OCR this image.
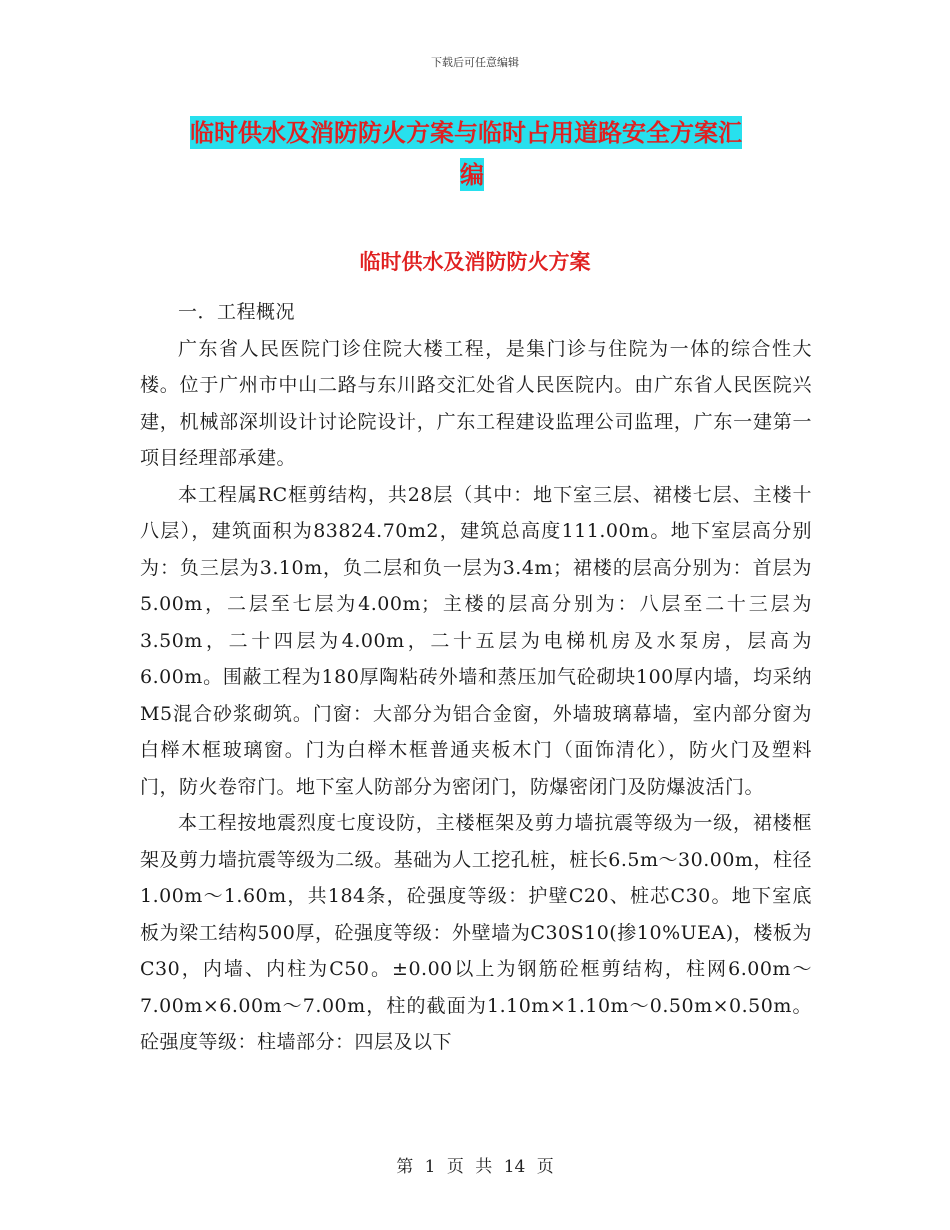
下载后可任意编辑
临时供水及消防防火方案与临时占用道路安全方案汇
编
临时供水及消防防火方案

一．工程概况

广东省人民医院门诊住院大楼工程，是集门诊与住院为一体的综合性大楼。位于广州市中山二路与东川路交汇处省人民医院内。由广东省人民医院兴建，机械部深圳设计讨论院设计，广东工程建设监理公司监理，广东一建第一项目经理部承建。

本工程属RC框剪结构，共28层（其中：地下室三层、裙楼七层、主楼十八层），建筑面积为83824.70m2，建筑总高度111.00m。地下室层高分别为：负三层为3.10m，负二层和负一层为3.4m；裙楼的层高分别为：首层为5.00m，二层至七层为4.00m；主楼的层高分别为：八层至二十三层为3.50m，二十四层为4.00m，二十五层为电梯机房及水泵房，层高为6.00m。围蔽工程为180厚陶粘砖外墙和蒸压加气砼砌块100厚内墙，均采纳M5混合砂浆砌筑。门窗：大部分为铝合金窗，外墙玻璃幕墙，室内部分窗为白榉木框玻璃窗。门为白榉木框普通夹板木门（面饰清化），防火门及塑料门，防火卷帘门。地下室人防部分为密闭门，防爆密闭门及防爆波活门。

本工程按地震烈度七度设防，主楼框架及剪力墙抗震等级为一级，裙楼框架及剪力墙抗震等级为二级。基础为人工挖孔桩，桩长6.5m～30.00m，柱径1.00m～1.60m，共184条，砼强度等级：护壁C20、桩芯C30。地下室底板为梁工结构500厚，砼强度等级：外壁墙为C30S10(掺10%UEA)，楼板为C30，内墙、内柱为C50。±0.00以上为钢筋砼框剪结构，柱网6.00m～7.00m×6.00m～7.00m，柱的截面为1.10m×1.10m～0.50m×0.50m。砼强度等级：柱墙部分：四层及以下

第 1 页 共 14 页
